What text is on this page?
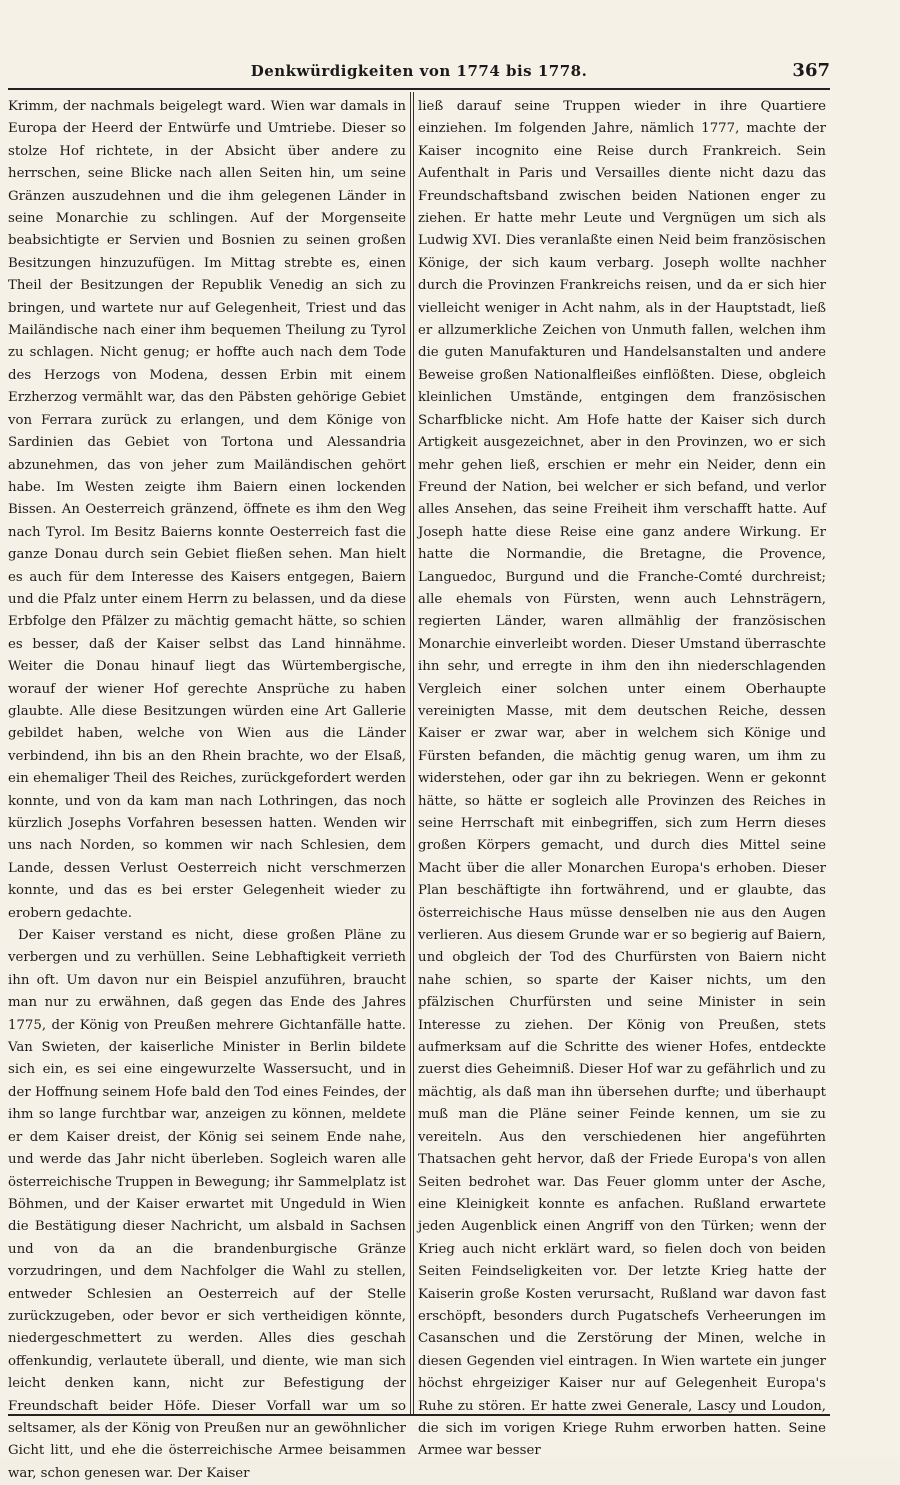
Denkwürdigkeiten von 1774 bis 1778.	367

Krimm, der nachmals beigelegt ward. Wien war damals in Europa der Heerd der Entwürfe und Umtriebe. Dieser so stolze Hof richtete, in der Absicht über andere zu herrschen, seine Blicke nach allen Seiten hin, um seine Gränzen auszudehnen und die ihm gelegenen Länder in seine Monarchie zu schlingen. Auf der Morgenseite beabsichtigte er Servien und Bosnien zu seinen großen Besitzungen hinzuzufügen. Im Mittag strebte es, einen Theil der Besitzungen der Republik Venedig an sich zu bringen, und wartete nur auf Gelegenheit, Triest und das Mailändische nach einer ihm bequemen Theilung zu Tyrol zu schlagen. Nicht genug; er hoffte auch nach dem Tode des Herzogs von Modena, dessen Erbin mit einem Erzherzog vermählt war, das den Päbsten gehörige Gebiet von Ferrara zurück zu erlangen, und dem Könige von Sardinien das Gebiet von Tortona und Alessandria abzunehmen, das von jeher zum Mailändischen gehört habe. Im Westen zeigte ihm Baiern einen lockenden Bissen. An Oesterreich gränzend, öffnete es ihm den Weg nach Tyrol. Im Besitz Baierns konnte Oesterreich fast die ganze Donau durch sein Gebiet fließen sehen. Man hielt es auch für dem Interesse des Kaisers entgegen, Baiern und die Pfalz unter einem Herrn zu belassen, und da diese Erbfolge den Pfälzer zu mächtig gemacht hätte, so schien es besser, daß der Kaiser selbst das Land hinnähme. Weiter die Donau hinauf liegt das Würtembergische, worauf der wiener Hof gerechte Ansprüche zu haben glaubte. Alle diese Besitzungen würden eine Art Gallerie gebildet haben, welche von Wien aus die Länder verbindend, ihn bis an den Rhein brachte, wo der Elsaß, ein ehemaliger Theil des Reiches, zurückgefordert werden konnte, und von da kam man nach Lothringen, das noch kürzlich Josephs Vorfahren besessen hatten. Wenden wir uns nach Norden, so kommen wir nach Schlesien, dem Lande, dessen Verlust Oesterreich nicht verschmerzen konnte, und das es bei erster Gelegenheit wieder zu erobern gedachte.

Der Kaiser verstand es nicht, diese großen Pläne zu verbergen und zu verhüllen. Seine Lebhaftigkeit verrieth ihn oft. Um davon nur ein Beispiel anzuführen, braucht man nur zu erwähnen, daß gegen das Ende des Jahres 1775, der König von Preußen mehrere Gichtanfälle hatte. Van Swieten, der kaiserliche Minister in Berlin bildete sich ein, es sei eine eingewurzelte Wassersucht, und in der Hoffnung seinem Hofe bald den Tod eines Feindes, der ihm so lange furchtbar war, anzeigen zu können, meldete er dem Kaiser dreist, der König sei seinem Ende nahe, und werde das Jahr nicht überleben. Sogleich waren alle österreichische Truppen in Bewegung; ihr Sammelplatz ist Böhmen, und der Kaiser erwartet mit Ungeduld in Wien die Bestätigung dieser Nachricht, um alsbald in Sachsen und von da an die brandenburgische Gränze vorzudringen, und dem Nachfolger die Wahl zu stellen, entweder Schlesien an Oesterreich auf der Stelle zurückzugeben, oder bevor er sich vertheidigen könnte, niedergeschmettert zu werden. Alles dies geschah offenkundig, verlautete überall, und diente, wie man sich leicht denken kann, nicht zur Befestigung der Freundschaft beider Höfe. Dieser Vorfall war um so seltsamer, als der König von Preußen nur an gewöhnlicher Gicht litt, und ehe die österreichische Armee beisammen war, schon genesen war. Der Kaiser

ließ darauf seine Truppen wieder in ihre Quartiere einziehen. Im folgenden Jahre, nämlich 1777, machte der Kaiser incognito eine Reise durch Frankreich. Sein Aufenthalt in Paris und Versailles diente nicht dazu das Freundschaftsband zwischen beiden Nationen enger zu ziehen. Er hatte mehr Leute und Vergnügen um sich als Ludwig XVI. Dies veranlaßte einen Neid beim französischen Könige, der sich kaum verbarg. Joseph wollte nachher durch die Provinzen Frankreichs reisen, und da er sich hier vielleicht weniger in Acht nahm, als in der Hauptstadt, ließ er allzumerkliche Zeichen von Unmuth fallen, welchen ihm die guten Manufakturen und Handelsanstalten und andere Beweise großen Nationalfleißes einflößten. Diese, obgleich kleinlichen Umstände, entgingen dem französischen Scharfblicke nicht. Am Hofe hatte der Kaiser sich durch Artigkeit ausgezeichnet, aber in den Provinzen, wo er sich mehr gehen ließ, erschien er mehr ein Neider, denn ein Freund der Nation, bei welcher er sich befand, und verlor alles Ansehen, das seine Freiheit ihm verschafft hatte. Auf Joseph hatte diese Reise eine ganz andere Wirkung. Er hatte die Normandie, die Bretagne, die Provence, Languedoc, Burgund und die Franche-Comté durchreist; alle ehemals von Fürsten, wenn auch Lehnsträgern, regierten Länder, waren allmählig der französischen Monarchie einverleibt worden. Dieser Umstand überraschte ihn sehr, und erregte in ihm den ihn niederschlagenden Vergleich einer solchen unter einem Oberhaupte vereinigten Masse, mit dem deutschen Reiche, dessen Kaiser er zwar war, aber in welchem sich Könige und Fürsten befanden, die mächtig genug waren, um ihm zu widerstehen, oder gar ihn zu bekriegen. Wenn er gekonnt hätte, so hätte er sogleich alle Provinzen des Reiches in seine Herrschaft mit einbegriffen, sich zum Herrn dieses großen Körpers gemacht, und durch dies Mittel seine Macht über die aller Monarchen Europa's erhoben. Dieser Plan beschäftigte ihn fortwährend, und er glaubte, das österreichische Haus müsse denselben nie aus den Augen verlieren. Aus diesem Grunde war er so begierig auf Baiern, und obgleich der Tod des Churfürsten von Baiern nicht nahe schien, so sparte der Kaiser nichts, um den pfälzischen Churfürsten und seine Minister in sein Interesse zu ziehen. Der König von Preußen, stets aufmerksam auf die Schritte des wiener Hofes, entdeckte zuerst dies Geheimniß. Dieser Hof war zu gefährlich und zu mächtig, als daß man ihn übersehen durfte; und überhaupt muß man die Pläne seiner Feinde kennen, um sie zu vereiteln. Aus den verschiedenen hier angeführten Thatsachen geht hervor, daß der Friede Europa's von allen Seiten bedrohet war. Das Feuer glomm unter der Asche, eine Kleinigkeit konnte es anfachen. Rußland erwartete jeden Augenblick einen Angriff von den Türken; wenn der Krieg auch nicht erklärt ward, so fielen doch von beiden Seiten Feindseligkeiten vor. Der letzte Krieg hatte der Kaiserin große Kosten verursacht, Rußland war davon fast erschöpft, besonders durch Pugatschefs Verheerungen im Casanschen und die Zerstörung der Minen, welche in diesen Gegenden viel eintragen. In Wien wartete ein junger höchst ehrgeiziger Kaiser nur auf Gelegenheit Europa's Ruhe zu stören. Er hatte zwei Generale, Lascy und Loudon, die sich im vorigen Kriege Ruhm erworben hatten. Seine Armee war besser
